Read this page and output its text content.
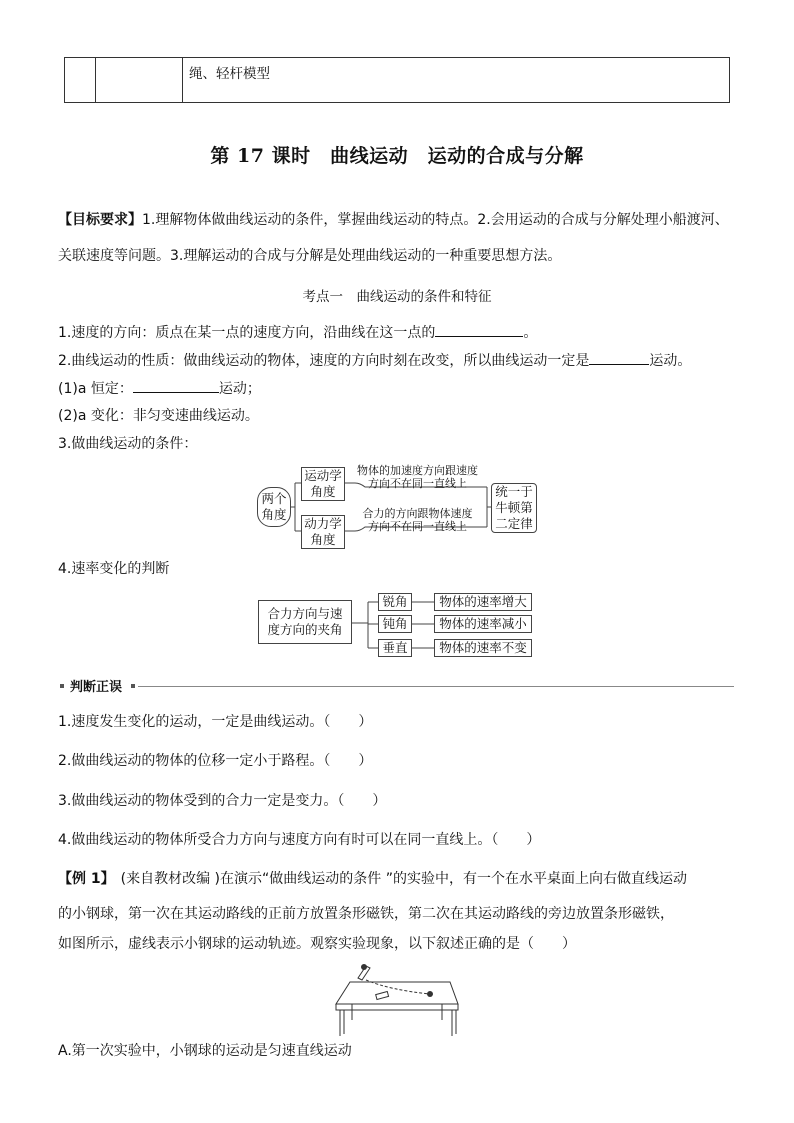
绳、轻杆模型
第 17 课时　曲线运动　运动的合成与分解
【目标要求】1.理解物体做曲线运动的条件，掌握曲线运动的特点。2.会用运动的合成与分解处理小船渡河、
关联速度等问题。3.理解运动的合成与分解是处理曲线运动的一种重要思想方法。
考点一　曲线运动的条件和特征
1.速度的方向：质点在某一点的速度方向，沿曲线在这一点的	。
2.曲线运动的性质：做曲线运动的物体，速度的方向时刻在改变，所以曲线运动一定是	运动。
(1)a 恒定：	运动；
(2)a 变化：非匀变速曲线运动。
3.做曲线运动的条件：
两个角度
运动学角度
动力学角度
物体的加速度方向跟速度
方向不在同一直线上
合力的方向跟物体速度
方向不在同一直线上
统一于牛顿第二定律
4.速率变化的判断
合力方向与速度方向的夹角
锐角
钝角
垂直
物体的速率增大
物体的速率减小
物体的速率不变
判断正误
1.速度发生变化的运动，一定是曲线运动。（　　）
2.做曲线运动的物体的位移一定小于路程。（　　）
3.做曲线运动的物体受到的合力一定是变力。（　　）
4.做曲线运动的物体所受合力方向与速度方向有时可以在同一直线上。（　　）
【例 1】 (来自教材改编 )在演示“做曲线运动的条件 ”的实验中，有一个在水平桌面上向右做直线运动
的小钢球，第一次在其运动路线的正前方放置条形磁铁，第二次在其运动路线的旁边放置条形磁铁，
如图所示，虚线表示小钢球的运动轨迹。观察实验现象，以下叙述正确的是（　　）
A.第一次实验中，小钢球的运动是匀速直线运动
